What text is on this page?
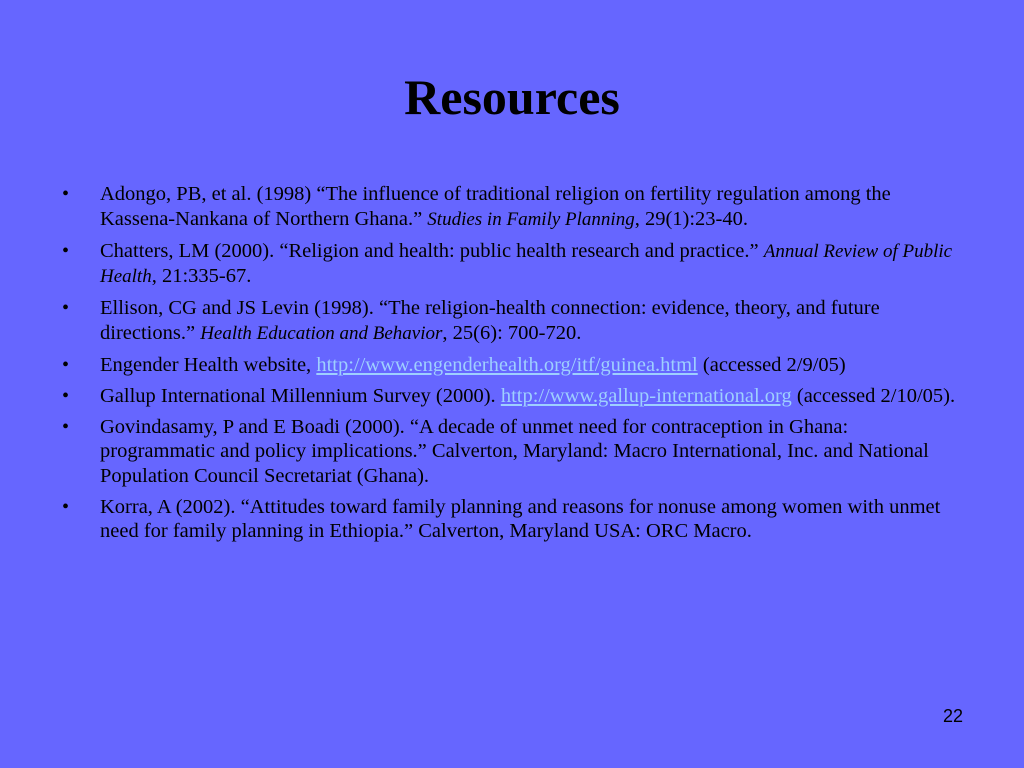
Resources
•	Adongo, PB, et al. (1998) “The influence of traditional religion on fertility regulation among the Kassena-Nankana of Northern Ghana.” Studies in Family Planning, 29(1):23-40.
•	Chatters, LM (2000). “Religion and health: public health research and practice.” Annual Review of Public Health, 21:335-67.
•	Ellison, CG and JS Levin (1998). “The religion-health connection: evidence, theory, and future directions.” Health Education and Behavior, 25(6): 700-720.
•	Engender Health website, http://www.engenderhealth.org/itf/guinea.html (accessed 2/9/05)
•	Gallup International Millennium Survey (2000). http://www.gallup-international.org (accessed 2/10/05).
•	Govindasamy, P and E Boadi (2000). “A decade of unmet need for contraception in Ghana: programmatic and policy implications.” Calverton, Maryland: Macro International, Inc. and National Population Council Secretariat (Ghana).
•	Korra, A (2002). “Attitudes toward family planning and reasons for nonuse among women with unmet need for family planning in Ethiopia.” Calverton, Maryland USA: ORC Macro.
22
